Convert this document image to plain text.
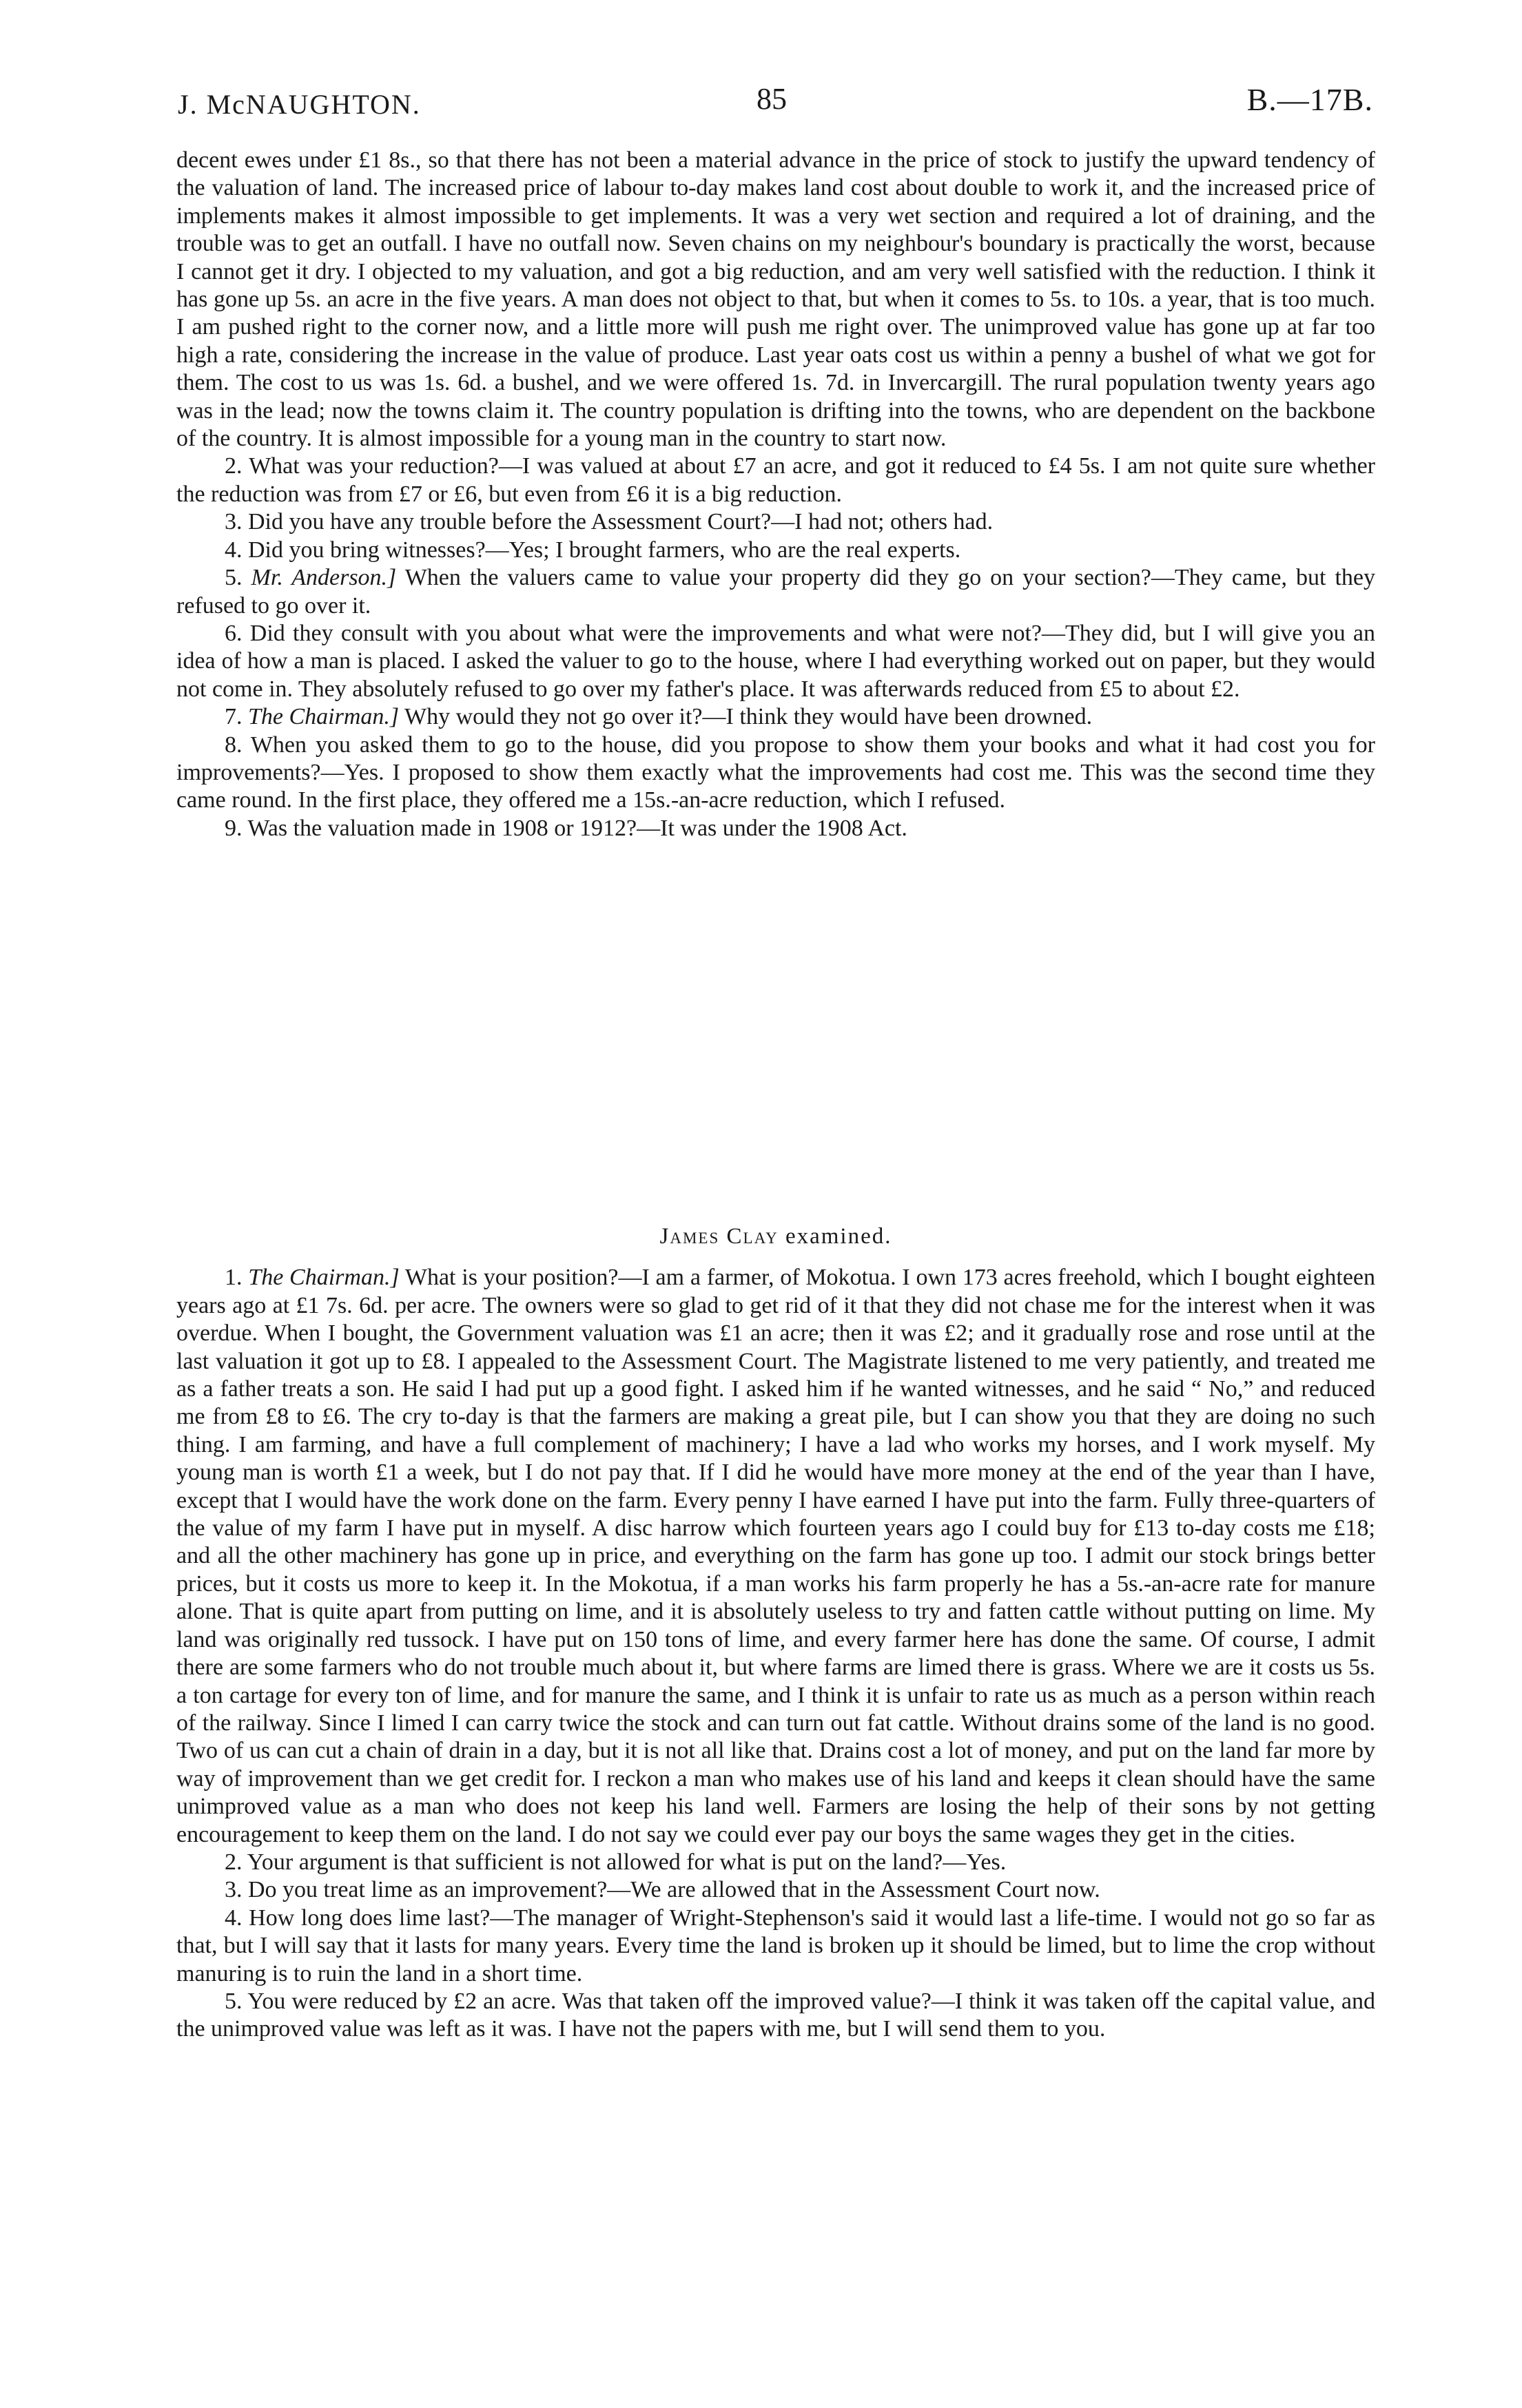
J. McNAUGHTON.	85	B.—17B.

decent ewes under £1 8s., so that there has not been a material advance in the price of stock to justify the upward tendency of the valuation of land. The increased price of labour to-day makes land cost about double to work it, and the increased price of implements makes it almost impossible to get implements. It was a very wet section and required a lot of draining, and the trouble was to get an outfall. I have no outfall now. Seven chains on my neighbour's boundary is practically the worst, because I cannot get it dry. I objected to my valuation, and got a big reduction, and am very well satisfied with the reduction. I think it has gone up 5s. an acre in the five years. A man does not object to that, but when it comes to 5s. to 10s. a year, that is too much. I am pushed right to the corner now, and a little more will push me right over. The unimproved value has gone up at far too high a rate, considering the increase in the value of produce. Last year oats cost us within a penny a bushel of what we got for them. The cost to us was 1s. 6d. a bushel, and we were offered 1s. 7d. in Invercargill. The rural population twenty years ago was in the lead; now the towns claim it. The country population is drifting into the towns, who are dependent on the backbone of the country. It is almost impossible for a young man in the country to start now.

2. What was your reduction?—I was valued at about £7 an acre, and got it reduced to £4 5s. I am not quite sure whether the reduction was from £7 or £6, but even from £6 it is a big reduction.

3. Did you have any trouble before the Assessment Court?—I had not; others had.

4. Did you bring witnesses?—Yes; I brought farmers, who are the real experts.

5. Mr. Anderson.] When the valuers came to value your property did they go on your section?—They came, but they refused to go over it.

6. Did they consult with you about what were the improvements and what were not?—They did, but I will give you an idea of how a man is placed. I asked the valuer to go to the house, where I had everything worked out on paper, but they would not come in. They absolutely refused to go over my father's place. It was afterwards reduced from £5 to about £2.

7. The Chairman.] Why would they not go over it?—I think they would have been drowned.

8. When you asked them to go to the house, did you propose to show them your books and what it had cost you for improvements?—Yes. I proposed to show them exactly what the improvements had cost me. This was the second time they came round. In the first place, they offered me a 15s.-an-acre reduction, which I refused.

9. Was the valuation made in 1908 or 1912?—It was under the 1908 Act.

James Clay examined.

1. The Chairman.] What is your position?—I am a farmer, of Mokotua. I own 173 acres freehold, which I bought eighteen years ago at £1 7s. 6d. per acre. The owners were so glad to get rid of it that they did not chase me for the interest when it was overdue. When I bought, the Government valuation was £1 an acre; then it was £2; and it gradually rose and rose until at the last valuation it got up to £8. I appealed to the Assessment Court. The Magistrate listened to me very patiently, and treated me as a father treats a son. He said I had put up a good fight. I asked him if he wanted witnesses, and he said “ No,” and reduced me from £8 to £6. The cry to-day is that the farmers are making a great pile, but I can show you that they are doing no such thing. I am farming, and have a full complement of machinery; I have a lad who works my horses, and I work myself. My young man is worth £1 a week, but I do not pay that. If I did he would have more money at the end of the year than I have, except that I would have the work done on the farm. Every penny I have earned I have put into the farm. Fully three-quarters of the value of my farm I have put in myself. A disc harrow which fourteen years ago I could buy for £13 to-day costs me £18; and all the other machinery has gone up in price, and everything on the farm has gone up too. I admit our stock brings better prices, but it costs us more to keep it. In the Mokotua, if a man works his farm properly he has a 5s.-an-acre rate for manure alone. That is quite apart from putting on lime, and it is absolutely useless to try and fatten cattle without putting on lime. My land was originally red tussock. I have put on 150 tons of lime, and every farmer here has done the same. Of course, I admit there are some farmers who do not trouble much about it, but where farms are limed there is grass. Where we are it costs us 5s. a ton cartage for every ton of lime, and for manure the same, and I think it is unfair to rate us as much as a person within reach of the railway. Since I limed I can carry twice the stock and can turn out fat cattle. Without drains some of the land is no good. Two of us can cut a chain of drain in a day, but it is not all like that. Drains cost a lot of money, and put on the land far more by way of improvement than we get credit for. I reckon a man who makes use of his land and keeps it clean should have the same unimproved value as a man who does not keep his land well. Farmers are losing the help of their sons by not getting encouragement to keep them on the land. I do not say we could ever pay our boys the same wages they get in the cities.

2. Your argument is that sufficient is not allowed for what is put on the land?—Yes.

3. Do you treat lime as an improvement?—We are allowed that in the Assessment Court now.

4. How long does lime last?—The manager of Wright-Stephenson's said it would last a life-time. I would not go so far as that, but I will say that it lasts for many years. Every time the land is broken up it should be limed, but to lime the crop without manuring is to ruin the land in a short time.

5. You were reduced by £2 an acre. Was that taken off the improved value?—I think it was taken off the capital value, and the unimproved value was left as it was. I have not the papers with me, but I will send them to you.
